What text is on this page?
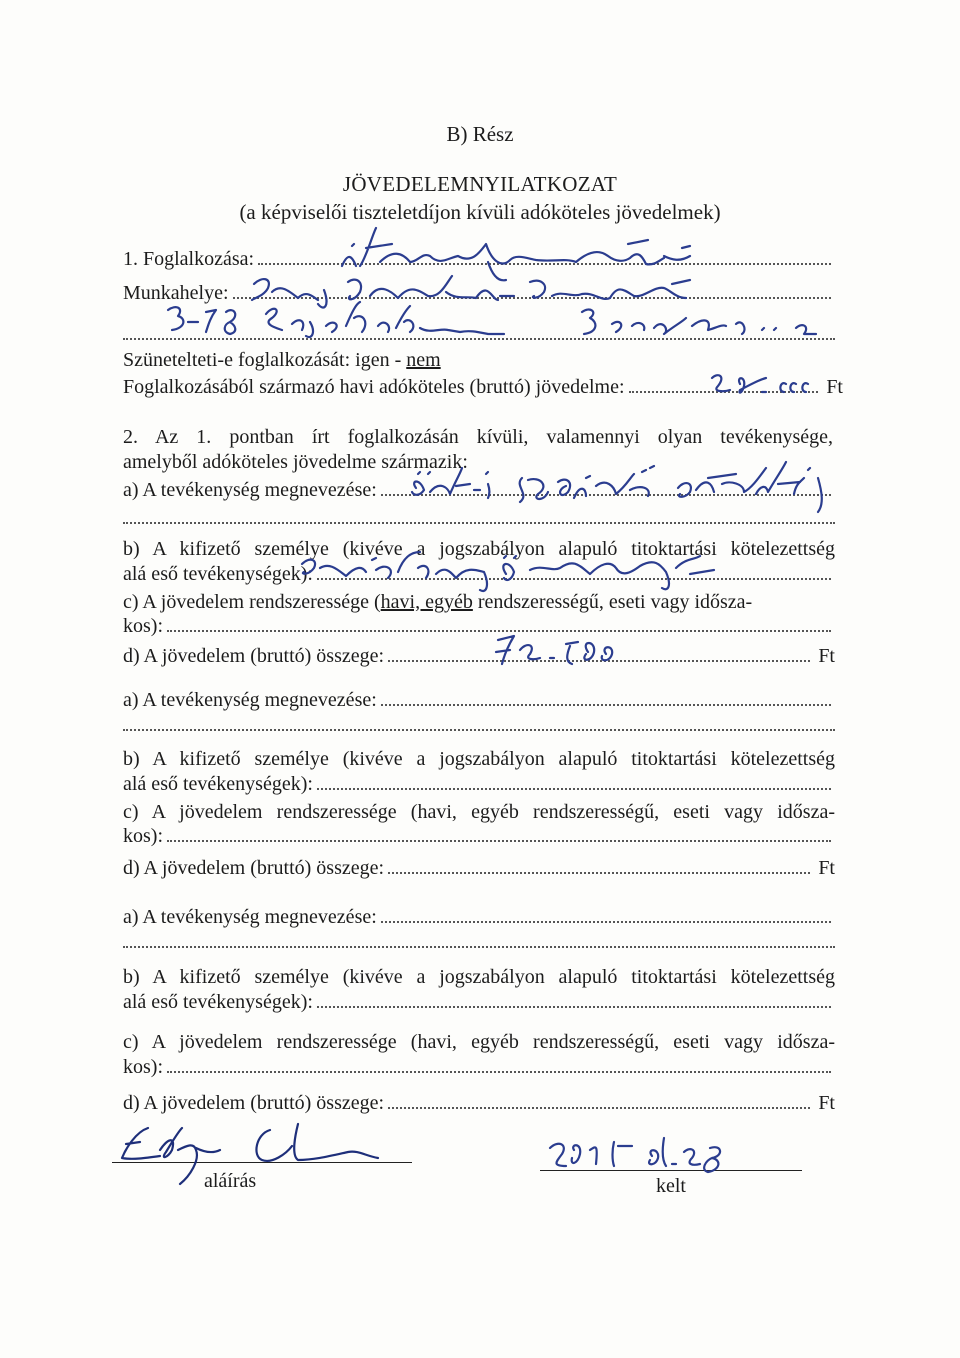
B) Rész
JÖVEDELEMNYILATKOZAT
(a képviselői tiszteletdíjon kívüli adóköteles jövedelmek)
1. Foglalkozása:
Munkahelye:
Szünetelteti-e foglalkozását: igen - nem
Foglalkozásából származó havi adóköteles (bruttó) jövedelme:	Ft
2. Az 1. pontban írt foglalkozásán kívüli, valamennyi olyan tevékenysége,
amelyből adóköteles jövedelme származik:
a) A tevékenység megnevezése:
b) A kifizető személye (kivéve a jogszabályon alapuló titoktartási kötelezettség
alá eső tevékenységek):
c) A jövedelem rendszeressége (havi, egyéb rendszerességű, eseti vagy idősza-
kos):
d) A jövedelem (bruttó) összege:	Ft
a) A tevékenység megnevezése:
b) A kifizető személye (kivéve a jogszabályon alapuló titoktartási kötelezettség
alá eső tevékenységek):
c) A jövedelem rendszeressége (havi, egyéb rendszerességű, eseti vagy idősza-
kos):
d) A jövedelem (bruttó) összege:	Ft
a) A tevékenység megnevezése:
b) A kifizető személye (kivéve a jogszabályon alapuló titoktartási kötelezettség
alá eső tevékenységek):
c) A jövedelem rendszeressége (havi, egyéb rendszerességű, eseti vagy idősza-
kos):
d) A jövedelem (bruttó) összege:	Ft
aláírás	kelt
